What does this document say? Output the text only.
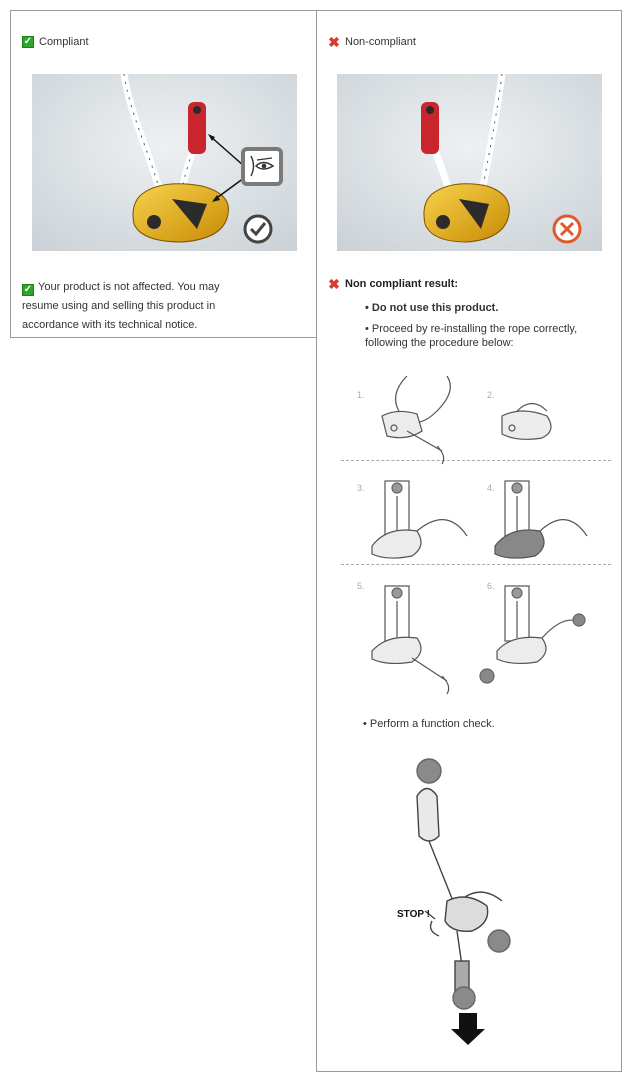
✓ Compliant
✓ Your product is not affected. You may
resume using and selling this product in
accordance with its technical notice.
✖ Non-compliant
✖ Non compliant result:
• Do not use this product.
• Proceed by re-installing the rope correctly,
following the procedure below:
1.	2.
3.	4.
5.	6.
• Perform a function check.
STOP !
